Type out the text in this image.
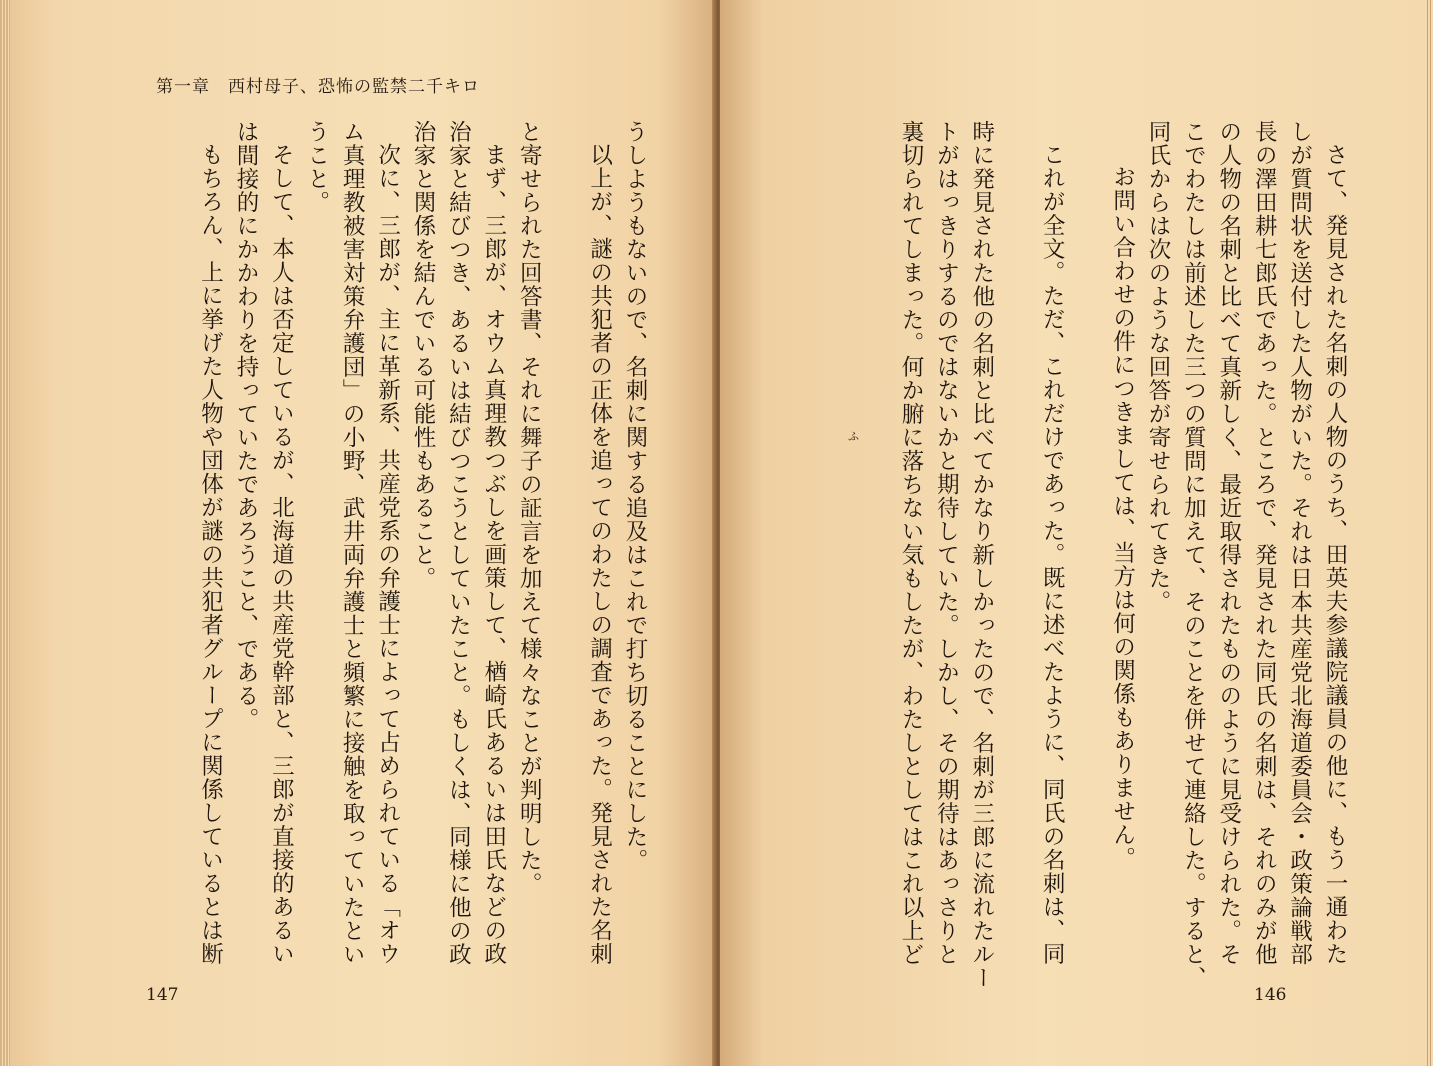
第一章　西村母子、恐怖の監禁二千キロ

うしようもないので、名刺に関する追及はこれで打ち切ることにした。
以上が、謎の共犯者の正体を追ってのわたしの調査であった。発見された名刺
と寄せられた回答書、それに舞子の証言を加えて様々なことが判明した。
まず、三郎が、オウム真理教つぶしを画策して、楢崎氏あるいは田氏などの政
治家と結びつき、あるいは結びつこうとしていたこと。もしくは、同様に他の政
治家と関係を結んでいる可能性もあること。
次に、三郎が、主に革新系、共産党系の弁護士によって占められている「オウ
ム真理教被害対策弁護団」の小野、武井両弁護士と頻繁に接触を取っていたとい
うこと。
そして、本人は否定しているが、北海道の共産党幹部と、三郎が直接的あるい
は間接的にかかわりを持っていたであろうこと、である。
もちろん、上に挙げた人物や団体が謎の共犯者グループに関係しているとは断
147
さて、発見された名刺の人物のうち、田英夫参議院議員の他に、もう一通わた
しが質問状を送付した人物がいた。それは日本共産党北海道委員会・政策論戦部
長の澤田耕七郎氏であった。ところで、発見された同氏の名刺は、それのみが他
の人物の名刺と比べて真新しく、最近取得されたもののように見受けられた。そ
こでわたしは前述した三つの質問に加えて、そのことを併せて連絡した。すると、
同氏からは次のような回答が寄せられてきた。
お問い合わせの件につきましては、当方は何の関係もありません。
これが全文。ただ、これだけであった。既に述べたように、同氏の名刺は、同
時に発見された他の名刺と比べてかなり新しかったので、名刺が三郎に流れたルー
トがはっきりするのではないかと期待していた。しかし、その期待はあっさりと
裏切られてしまった。何か腑に落ちない気もしたが、わたしとしてはこれ以上ど
ふ
146
